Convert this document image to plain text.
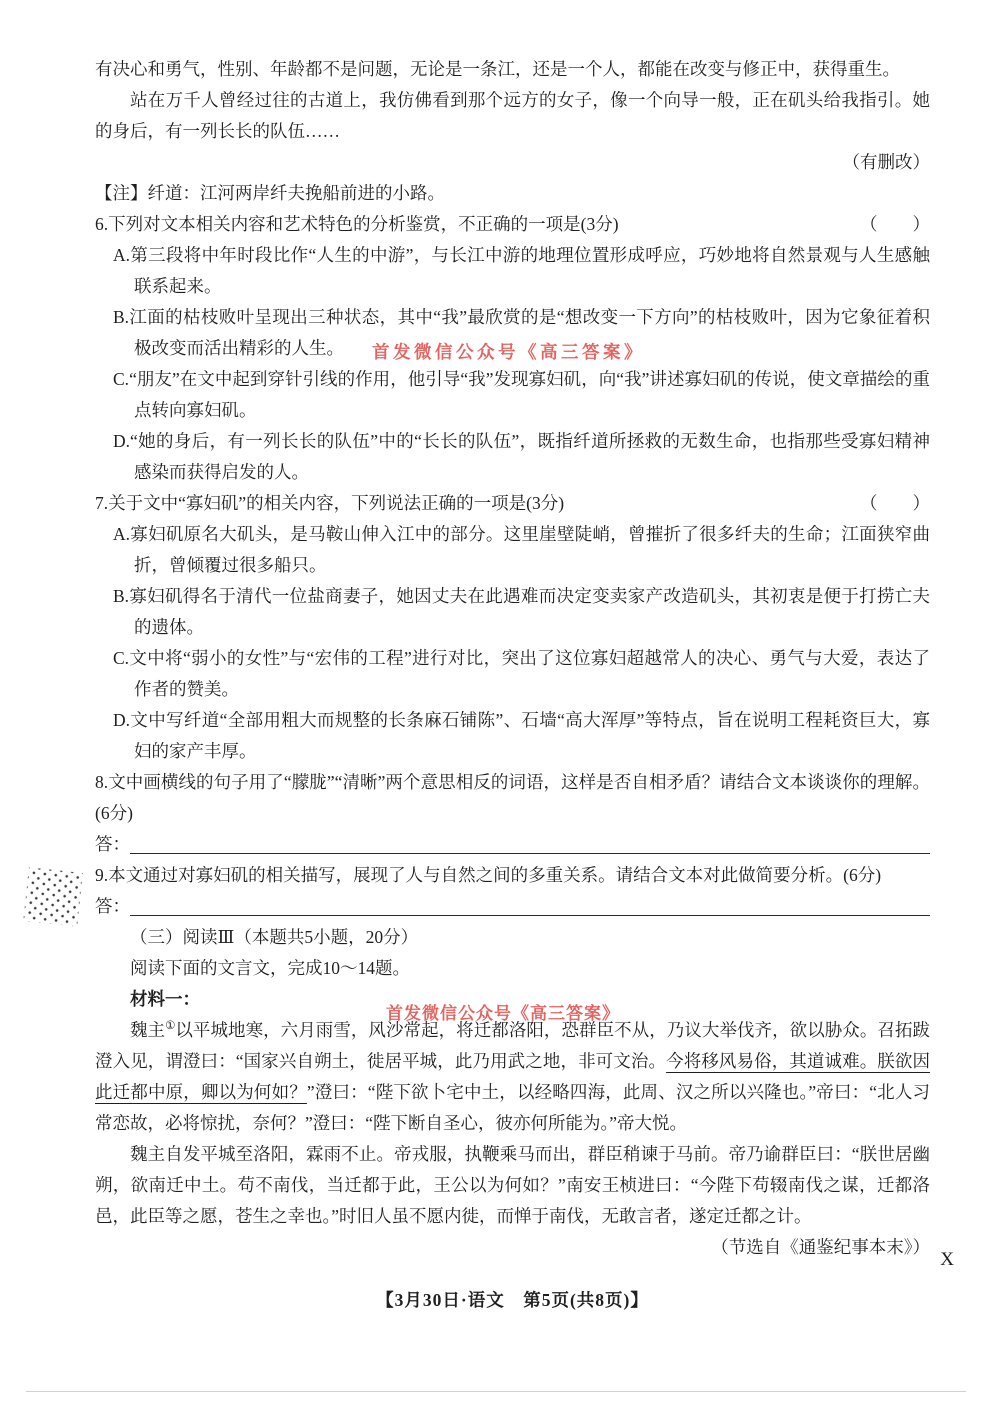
有决心和勇气，性别、年龄都不是问题，无论是一条江，还是一个人，都能在改变与修正中，获得重生。

站在万千人曾经过往的古道上，我仿佛看到那个远方的女子，像一个向导一般，正在矶头给我指引。她的身后，有一列长长的队伍……

（有删改）

【注】纤道：江河两岸纤夫挽船前进的小路。

6.下列对文本相关内容和艺术特色的分析鉴赏，不正确的一项是(3分)	（　　）
A.第三段将中年时段比作“人生的中游”，与长江中游的地理位置形成呼应，巧妙地将自然景观与人生感触联系起来。
B.江面的枯枝败叶呈现出三种状态，其中“我”最欣赏的是“想改变一下方向”的枯枝败叶，因为它象征着积极改变而活出精彩的人生。
C.“朋友”在文中起到穿针引线的作用，他引导“我”发现寡妇矶，向“我”讲述寡妇矶的传说，使文章描绘的重点转向寡妇矶。
D.“她的身后，有一列长长的队伍”中的“长长的队伍”，既指纤道所拯救的无数生命，也指那些受寡妇精神感染而获得启发的人。
7.关于文中“寡妇矶”的相关内容，下列说法正确的一项是(3分)	（　　）
A.寡妇矶原名大矶头，是马鞍山伸入江中的部分。这里崖壁陡峭，曾摧折了很多纤夫的生命；江面狭窄曲折，曾倾覆过很多船只。
B.寡妇矶得名于清代一位盐商妻子，她因丈夫在此遇难而决定变卖家产改造矶头，其初衷是便于打捞亡夫的遗体。
C.文中将“弱小的女性”与“宏伟的工程”进行对比，突出了这位寡妇超越常人的决心、勇气与大爱，表达了作者的赞美。
D.文中写纤道“全部用粗大而规整的长条麻石铺陈”、石墙“高大浑厚”等特点，旨在说明工程耗资巨大，寡妇的家产丰厚。

8.文中画横线的句子用了“朦胧”“清晰”两个意思相反的词语，这样是否自相矛盾？请结合文本谈谈你的理解。(6分)

答：

9.本文通过对寡妇矶的相关描写，展现了人与自然之间的多重关系。请结合文本对此做简要分析。(6分)

答：

（三）阅读Ⅲ（本题共5小题，20分）

阅读下面的文言文，完成10～14题。

材料一：

魏主①以平城地寒，六月雨雪，风沙常起，将迁都洛阳，恐群臣不从，乃议大举伐齐，欲以胁众。召拓跋澄入见，谓澄曰：“国家兴自朔土，徙居平城，此乃用武之地，非可文治。今将移风易俗，其道诚难。朕欲因此迁都中原，卿以为何如？”澄曰：“陛下欲卜宅中土，以经略四海，此周、汉之所以兴隆也。”帝曰：“北人习常恋故，必将惊扰，奈何？”澄曰：“陛下断自圣心，彼亦何所能为。”帝大悦。

魏主自发平城至洛阳，霖雨不止。帝戎服，执鞭乘马而出，群臣稍谏于马前。帝乃谕群臣曰：“朕世居幽朔，欲南迁中土。苟不南伐，当迁都于此，王公以为何如？”南安王桢进曰：“今陛下苟辍南伐之谋，迁都洛邑，此臣等之愿，苍生之幸也。”时旧人虽不愿内徙，而惮于南伐，无敢言者，遂定迁都之计。

（节选自《通鉴纪事本末》）

【3月30日·语文　第5页(共8页)】
首发微信公众号《高三答案》
首发微信公众号《高三答案》
X
